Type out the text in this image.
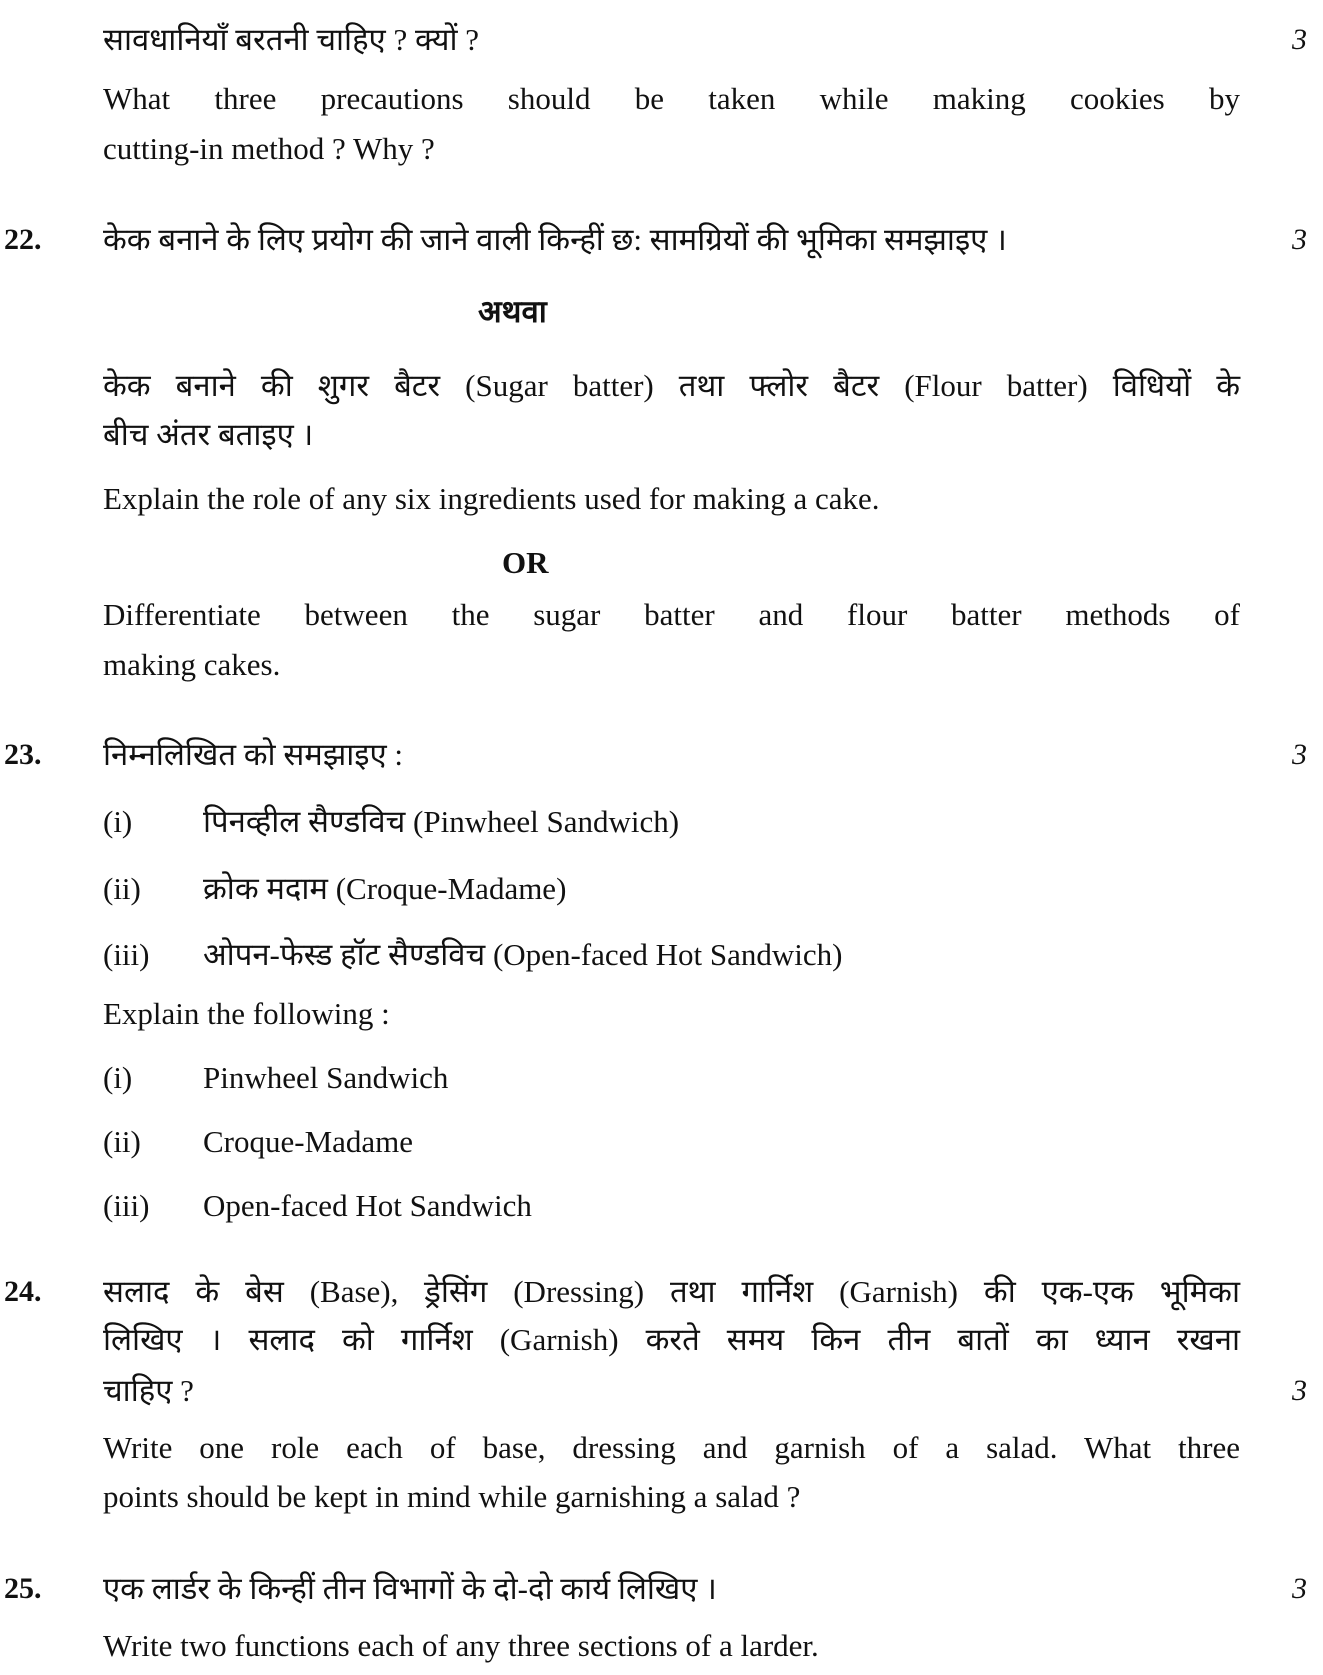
सावधानियाँ बरतनी चाहिए ? क्यों ?	3
What three precautions should be taken while making cookies by
cutting-in method ? Why ?
22. केक बनाने के लिए प्रयोग की जाने वाली किन्हीं छ: सामग्रियों की भूमिका समझाइए ।	3
अथवा
केक बनाने की शुगर बैटर (Sugar batter) तथा फ्लोर बैटर (Flour batter) विधियों के
बीच अंतर बताइए ।
Explain the role of any six ingredients used for making a cake.
OR
Differentiate between the sugar batter and flour batter methods of
making cakes.
23. निम्नलिखित को समझाइए :	3
(i) पिनव्हील सैण्डविच (Pinwheel Sandwich)
(ii) क्रोक मदाम (Croque-Madame)
(iii) ओपन-फेस्ड हॉट सैण्डविच (Open-faced Hot Sandwich)
Explain the following :
(i) Pinwheel Sandwich
(ii) Croque-Madame
(iii) Open-faced Hot Sandwich
24. सलाद के बेस (Base), ड्रेसिंग (Dressing) तथा गार्निश (Garnish) की एक-एक भूमिका
लिखिए । सलाद को गार्निश (Garnish) करते समय किन तीन बातों का ध्यान रखना
चाहिए ?	3
Write one role each of base, dressing and garnish of a salad. What three
points should be kept in mind while garnishing a salad ?
25. एक लार्डर के किन्हीं तीन विभागों के दो-दो कार्य लिखिए ।	3
Write two functions each of any three sections of a larder.
